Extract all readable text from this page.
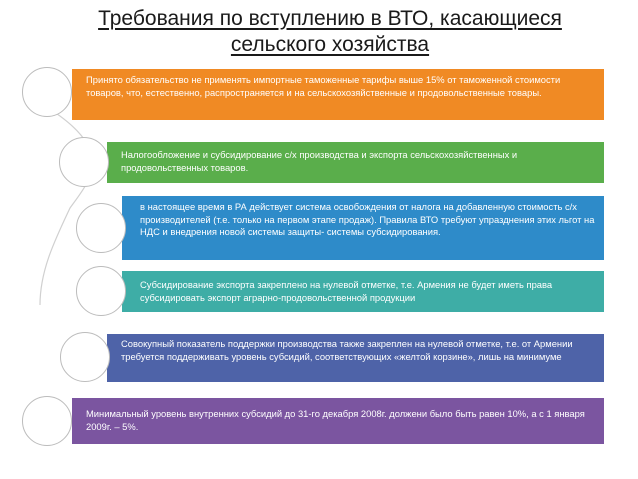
Требования по вступлению в ВТО, касающиеся сельского хозяйства
Принято обязательство не применять импортные таможенные тарифы выше 15% от таможенной стоимости товаров, что, естественно, распространяется и на сельскохозяйственные и продовольственные товары.
Налогообложение и субсидирование с/х производства и экспорта сельскохозяйственных и продовольственных товаров.
в настоящее время в РА действует система освобождения от налога на добавленную стоимость с/х производителей (т.е. только на первом этапе продаж). Правила ВТО требуют упразднения этих льгот на НДС и внедрения новой системы защиты- системы субсидирования.
Субсидирование экспорта закреплено на нулевой отметке, т.е. Армения не будет иметь права субсидировать экспорт аграрно-продовольственной продукции
Совокупный показатель поддержки производства также закреплен на нулевой отметке, т.е. от Армении требуется поддерживать уровень субсидий, соответствующих «желтой корзине», лишь на минимуме
Минимальный уровень внутренних субсидий до 31-го декабря 2008г. должени было быть равен 10%, а с 1 января 2009г. – 5%.
